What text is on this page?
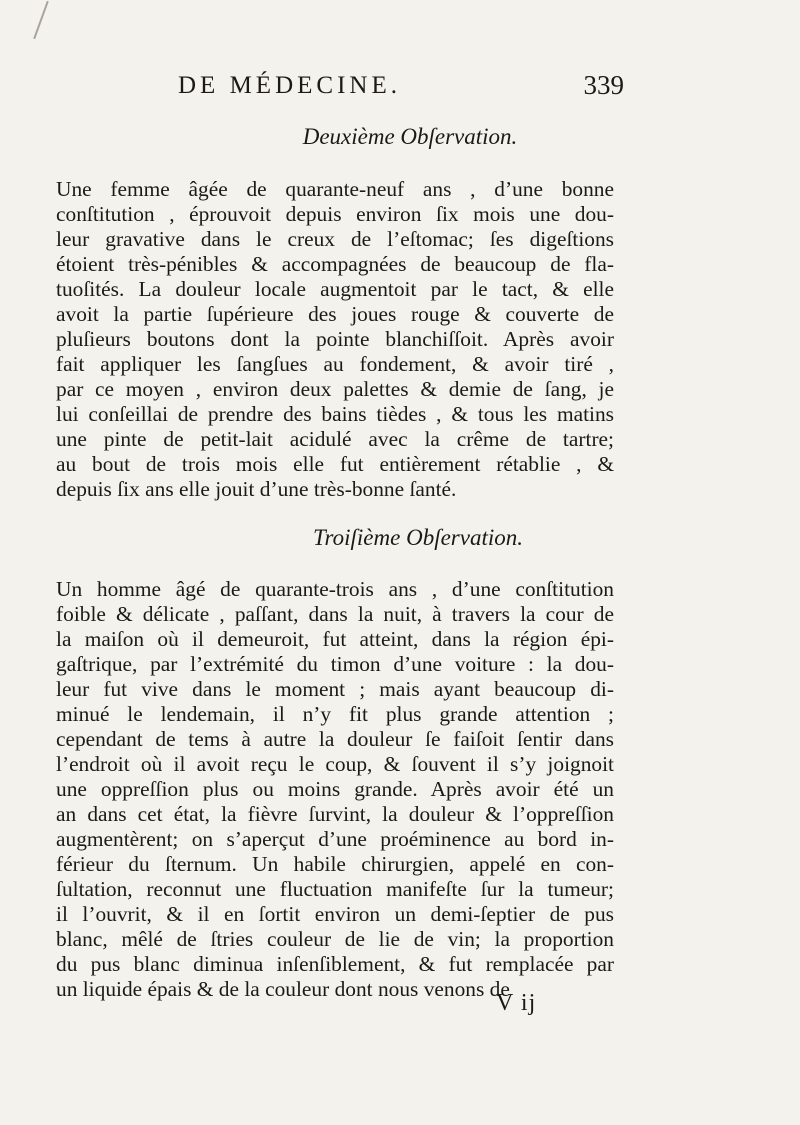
DE MÉDECINE.	339
Deuxième Obſervation.
Une femme âgée de quarante-neuf ans , d’une bonne
conſtitution , éprouvoit depuis environ ſix mois une dou-
leur gravative dans le creux de l’eſtomac; ſes digeſtions
étoient très-pénibles & accompagnées de beaucoup de fla-
tuoſités. La douleur locale augmentoit par le tact, & elle
avoit la partie ſupérieure des joues rouge & couverte de
pluſieurs boutons dont la pointe blanchiſſoit. Après avoir
fait appliquer les ſangſues au fondement, & avoir tiré ,
par ce moyen , environ deux palettes & demie de ſang, je
lui conſeillai de prendre des bains tièdes , & tous les matins
une pinte de petit-lait acidulé avec la crême de tartre;
au bout de trois mois elle fut entièrement rétablie , &
depuis ſix ans elle jouit d’une très-bonne ſanté.
Troiſième Obſervation.
Un homme âgé de quarante-trois ans , d’une conſtitution
foible & délicate , paſſant, dans la nuit, à travers la cour de
la maiſon où il demeuroit, fut atteint, dans la région épi-
gaſtrique, par l’extrémité du timon d’une voiture : la dou-
leur fut vive dans le moment ; mais ayant beaucoup di-
minué le lendemain, il n’y fit plus grande attention ;
cependant de tems à autre la douleur ſe faiſoit ſentir dans
l’endroit où il avoit reçu le coup, & ſouvent il s’y joignoit
une oppreſſion plus ou moins grande. Après avoir été un
an dans cet état, la fièvre ſurvint, la douleur & l’oppreſſion
augmentèrent; on s’aperçut d’une proéminence au bord in-
férieur du ſternum. Un habile chirurgien, appelé en con-
ſultation, reconnut une fluctuation manifeſte ſur la tumeur;
il l’ouvrit, & il en ſortit environ un demi-ſeptier de pus
blanc, mêlé de ſtries couleur de lie de vin; la proportion
du pus blanc diminua inſenſiblement, & fut remplacée par
un liquide épais & de la couleur dont nous venons de
V ij
